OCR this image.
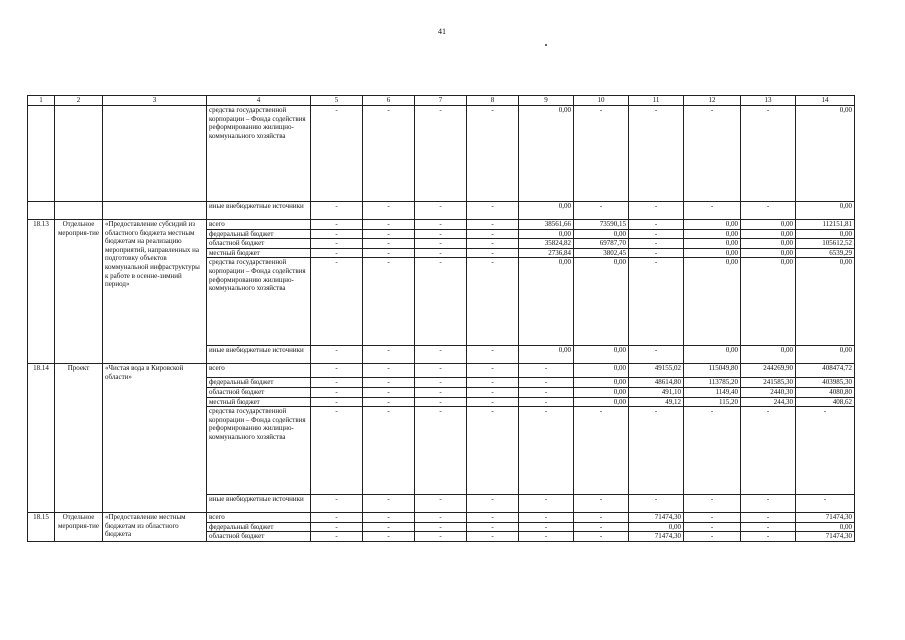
41
1	2	3	4	5	6	7	8	9	10	11	12	13	14
			средства государственной корпорации – Фонда содействия реформированию жилищно-коммунального хозяйства	-	-	-	-	0,00	-	-	-	-	0,00
			иные внебюджетные источники	-	-	-	-	0,00	-	-	-	-	0,00
18.13	Отдельное мероприя-тие	«Предоставление субсидий из областного бюджета местным бюджетам на реализацию мероприятий, направленных на подготовку объектов коммунальной инфраструктуры к работе в осенне-зимний период»	всего	-	-	-	-	38561,66	73590,15	-	0,00	0,00	112151,81
			федеральный бюджет	-	-	-	-	0,00	0,00	-	0,00	0,00	0,00
			областной бюджет	-	-	-	-	35824,82	69787,70	-	0,00	0,00	105612,52
			местный бюджет	-	-	-	-	2736,84	3802,45	-	0,00	0,00	6539,29
			средства государственной корпорации – Фонда содействия реформированию жилищно-коммунального хозяйства	-	-	-	-	0,00	0,00	-	0,00	0,00	0,00
			иные внебюджетные источники	-	-	-	-	0,00	0,00	-	0,00	0,00	0,00
18.14	Проект	«Чистая вода в Кировской области»	всего	-	-	-	-	-	0,00	49155,02	115049,80	244269,90	408474,72
			федеральный бюджет	-	-	-	-	-	0,00	48614,80	113785,20	241585,30	403985,30
			областной бюджет	-	-	-	-	-	0,00	491,10	1149,40	2440,30	4080,80
			местный бюджет	-	-	-	-	-	0,00	49,12	115,20	244,30	408,62
			средства государственной корпорации – Фонда содействия реформированию жилищно-коммунального хозяйства	-	-	-	-	-	-	-	-	-	-
			иные внебюджетные источники	-	-	-	-	-	-	-	-	-	-
18.15	Отдельное мероприя-тие	«Предоставление местным бюджетам из областного бюджета	всего	-	-	-	-	-	-	71474,30	-	-	71474,30
			федеральный бюджет	-	-	-	-	-	-	0,00	-	-	0,00
			областной бюджет	-	-	-	-	-	-	71474,30	-	-	71474,30
